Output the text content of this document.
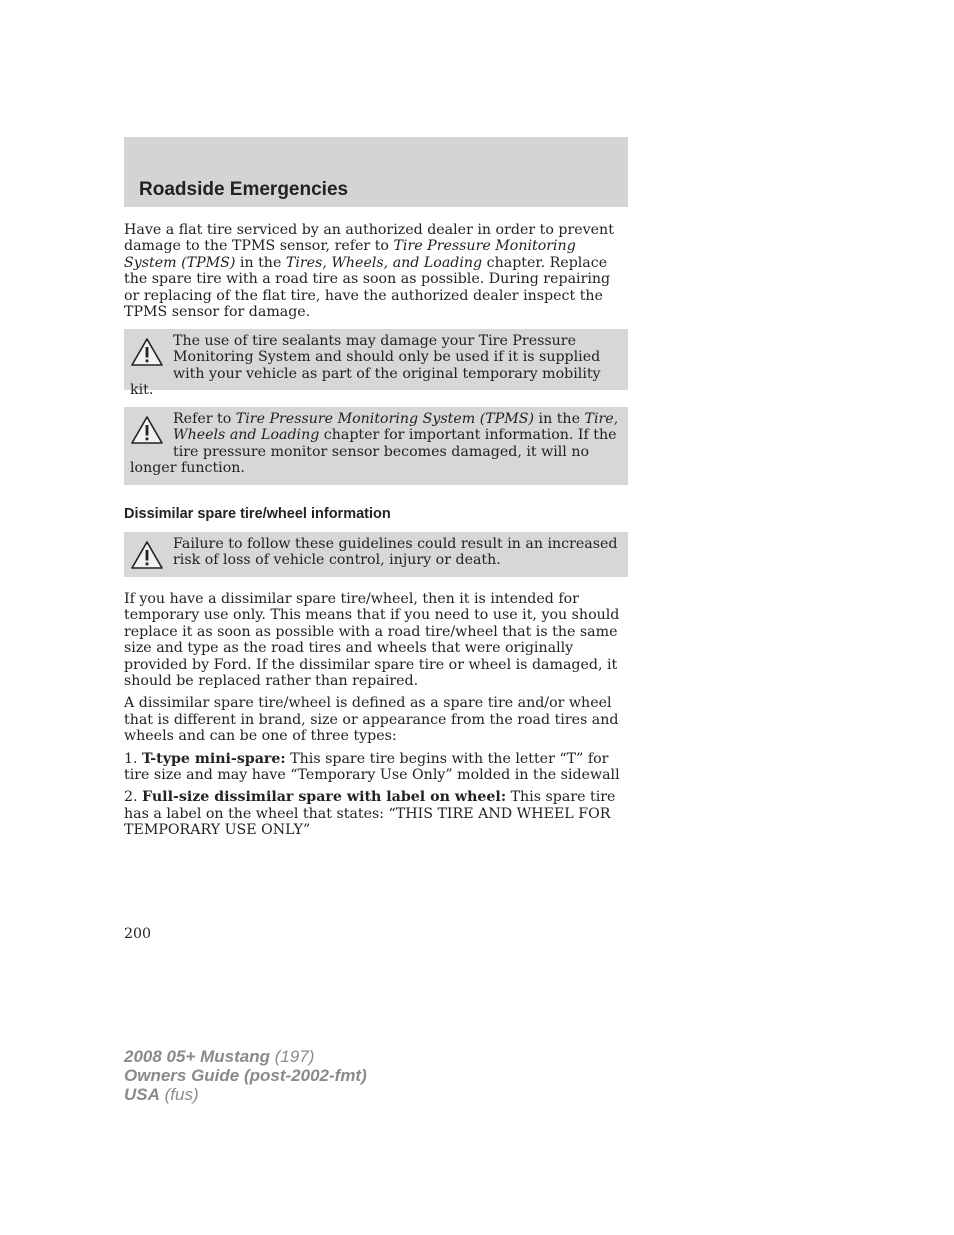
Roadside Emergencies

Have a flat tire serviced by an authorized dealer in order to prevent damage to the TPMS sensor, refer to Tire Pressure Monitoring System (TPMS) in the Tires, Wheels, and Loading chapter. Replace the spare tire with a road tire as soon as possible. During repairing or replacing of the flat tire, have the authorized dealer inspect the TPMS sensor for damage.

The use of tire sealants may damage your Tire Pressure Monitoring System and should only be used if it is supplied with your vehicle as part of the original temporary mobility kit.
Refer to Tire Pressure Monitoring System (TPMS) in the Tire, Wheels and Loading chapter for important information. If the tire pressure monitor sensor becomes damaged, it will no longer function.
Dissimilar spare tire/wheel information
Failure to follow these guidelines could result in an increased risk of loss of vehicle control, injury or death.

If you have a dissimilar spare tire/wheel, then it is intended for temporary use only. This means that if you need to use it, you should replace it as soon as possible with a road tire/wheel that is the same size and type as the road tires and wheels that were originally provided by Ford. If the dissimilar spare tire or wheel is damaged, it should be replaced rather than repaired.

A dissimilar spare tire/wheel is defined as a spare tire and/or wheel that is different in brand, size or appearance from the road tires and wheels and can be one of three types:

1. T-type mini-spare: This spare tire begins with the letter “T” for tire size and may have “Temporary Use Only” molded in the sidewall

2. Full-size dissimilar spare with label on wheel: This spare tire has a label on the wheel that states: “THIS TIRE AND WHEEL FOR TEMPORARY USE ONLY”

200
2008 05+ Mustang (197)
Owners Guide (post-2002-fmt)
USA (fus)
